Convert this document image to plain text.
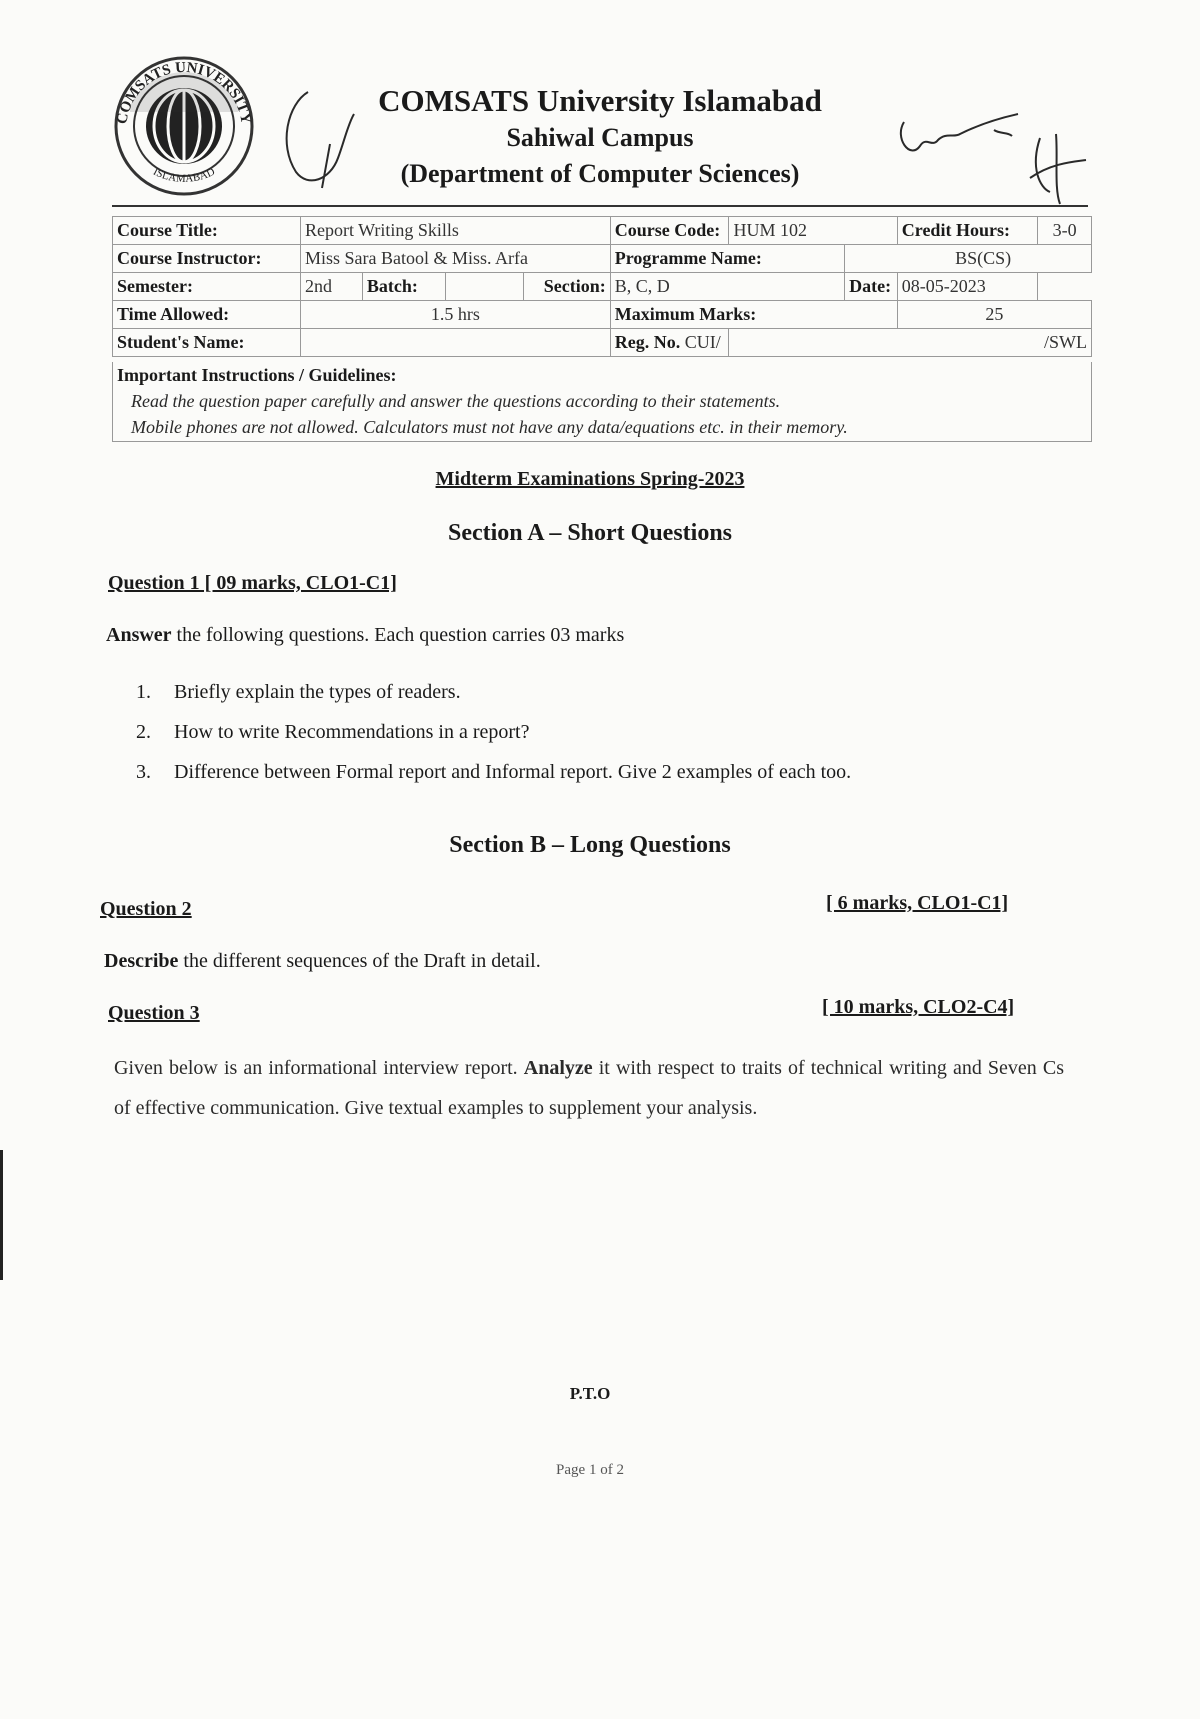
COMSATS UNIVERSITY
ISLAMABAD
COMSATS University Islamabad
Sahiwal Campus
(Department of Computer Sciences)
Course Title:	Report Writing Skills				Course Code:	HUM 102		Credit Hours:	3-0
Course Instructor:	Miss Sara Batool & Miss. Arfa				Programme Name:		BS(CS)		
Semester:	2nd	Batch:		Section:	B, C, D		Date:	08-05-2023	
Time Allowed:	1.5 hrs				Maximum Marks:			25	
Student's Name:					Reg. No. CUI/	/SWL			
Important Instructions / Guidelines:
Read the question paper carefully and answer the questions according to their statements.
Mobile phones are not allowed. Calculators must not have any data/equations etc. in their memory.
Midterm Examinations Spring-2023
Section A – Short Questions
Question 1 [ 09 marks, CLO1-C1]
Answer the following questions. Each question carries 03 marks
1. Briefly explain the types of readers.
2. How to write Recommendations in a report?
3. Difference between Formal report and Informal report. Give 2 examples of each too.
Section B – Long Questions
Question 2	[ 6 marks, CLO1-C1]
Describe the different sequences of the Draft in detail.
Question 3	[ 10 marks, CLO2-C4]
Given below is an informational interview report. Analyze it with respect to traits of technical writing and Seven Cs of effective communication. Give textual examples to supplement your analysis.
P.T.O
Page 1 of 2
